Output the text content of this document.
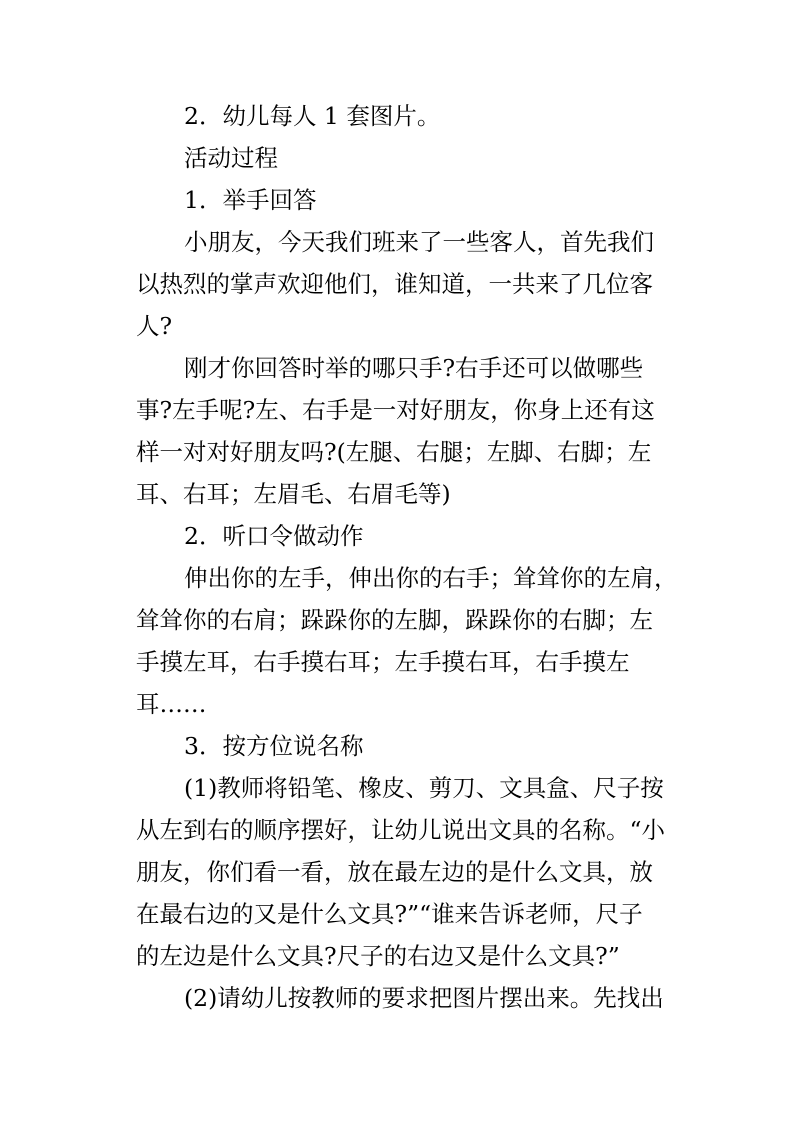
2．幼儿每人 1 套图片。
活动过程
1．举手回答
小朋友，今天我们班来了一些客人，首先我们
以热烈的掌声欢迎他们，谁知道，一共来了几位客
人?
刚才你回答时举的哪只手?右手还可以做哪些
事?左手呢?左、右手是一对好朋友，你身上还有这
样一对对好朋友吗?(左腿、右腿；左脚、右脚；左
耳、右耳；左眉毛、右眉毛等)
2．听口令做动作
伸出你的左手，伸出你的右手；耸耸你的左肩，
耸耸你的右肩；跺跺你的左脚，跺跺你的右脚；左
手摸左耳，右手摸右耳；左手摸右耳，右手摸左
耳……
3．按方位说名称
(1)教师将铅笔、橡皮、剪刀、文具盒、尺子按
从左到右的顺序摆好，让幼儿说出文具的名称。“小
朋友，你们看一看，放在最左边的是什么文具，放
在最右边的又是什么文具?”“谁来告诉老师，尺子
的左边是什么文具?尺子的右边又是什么文具?”
(2)请幼儿按教师的要求把图片摆出来。先找出
